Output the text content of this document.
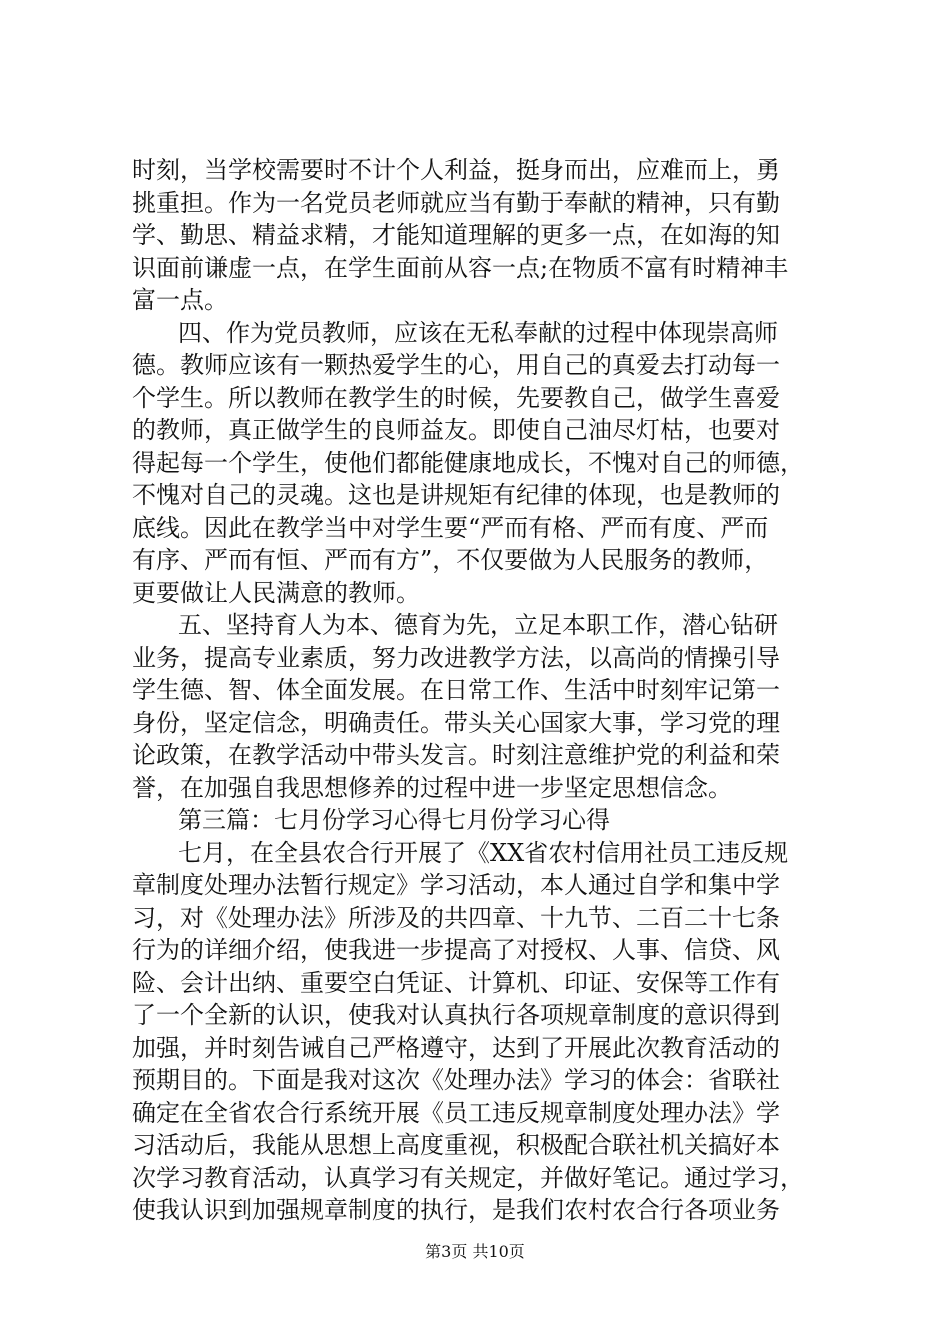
时刻，当学校需要时不计个人利益，挺身而出，应难而上，勇
挑重担。作为一名党员老师就应当有勤于奉献的精神，只有勤
学、勤思、精益求精，才能知道理解的更多一点，在如海的知
识面前谦虚一点，在学生面前从容一点;在物质不富有时精神丰
富一点。
四、作为党员教师，应该在无私奉献的过程中体现崇高师
德。教师应该有一颗热爱学生的心，用自己的真爱去打动每一
个学生。所以教师在教学生的时候，先要教自己，做学生喜爱
的教师，真正做学生的良师益友。即使自己油尽灯枯，也要对
得起每一个学生，使他们都能健康地成长，不愧对自己的师德，
不愧对自己的灵魂。这也是讲规矩有纪律的体现，也是教师的
底线。因此在教学当中对学生要“严而有格、严而有度、严而
有序、严而有恒、严而有方”，不仅要做为人民服务的教师，
更要做让人民满意的教师。
五、坚持育人为本、德育为先，立足本职工作，潜心钻研
业务，提高专业素质，努力改进教学方法，以高尚的情操引导
学生德、智、体全面发展。在日常工作、生活中时刻牢记第一
身份，坚定信念，明确责任。带头关心国家大事，学习党的理
论政策，在教学活动中带头发言。时刻注意维护党的利益和荣
誉，在加强自我思想修养的过程中进一步坚定思想信念。
第三篇：七月份学习心得七月份学习心得
七月，在全县农合行开展了《XX省农村信用社员工违反规
章制度处理办法暂行规定》学习活动，本人通过自学和集中学
习，对《处理办法》所涉及的共四章、十九节、二百二十七条
行为的详细介绍，使我进一步提高了对授权、人事、信贷、风
险、会计出纳、重要空白凭证、计算机、印证、安保等工作有
了一个全新的认识，使我对认真执行各项规章制度的意识得到
加强，并时刻告诫自己严格遵守，达到了开展此次教育活动的
预期目的。下面是我对这次《处理办法》学习的体会：省联社
确定在全省农合行系统开展《员工违反规章制度处理办法》学
习活动后，我能从思想上高度重视，积极配合联社机关搞好本
次学习教育活动，认真学习有关规定，并做好笔记。通过学习，
使我认识到加强规章制度的执行，是我们农村农合行各项业务
第3页 共10页
